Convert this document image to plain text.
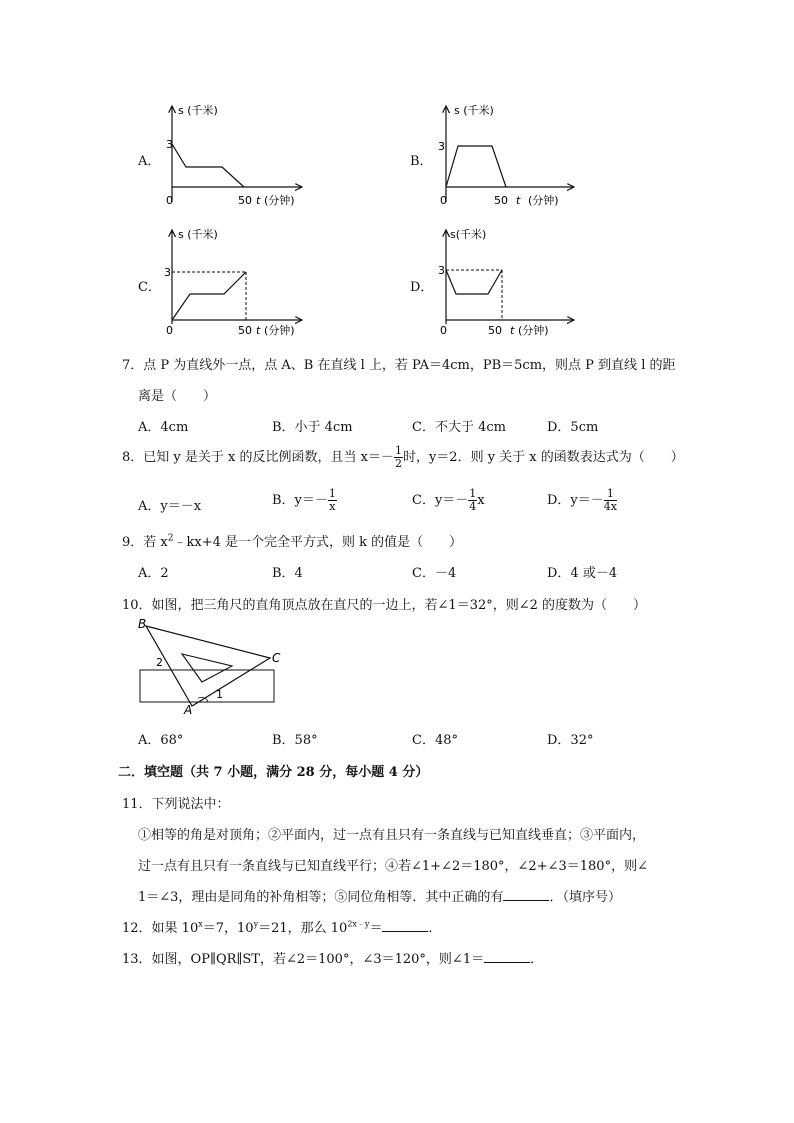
A．
3
0	50 t (分钟)
s (千米)
B．
3
0	50 t (分钟)
s (千米)
C．
3
0	50 t (分钟)
s (千米)
D．
3
0	50 t (分钟)
s(千米)
7．点 P 为直线外一点，点 A、B 在直线 l 上，若 PA＝4cm，PB＝5cm，则点 P 到直线 l 的距
离是（　　）
A．4cm	B．小于 4cm	C．不大于 4cm	D．5cm
8．已知 y 是关于 x 的反比例函数，且当 $x=- \frac{1}{2}$ 时，y＝2．则 y 关于 x 的函数表达式为（　　）
A．y＝－x	B．$y=- \frac{1}{x}$	C．$y=- \frac{1}{4}$ x	D．$y=- \frac{1}{4x}$
9．若 $x^2﹣kx+4$ 是一个完全平方式，则 k 的值是（　　）
A．2	B．4	C．－4	D．4 或－4
10．如图，把三角尺的直角顶点放在直尺的一边上，若∠1＝32°，则∠2 的度数为（　　）
B
C
A
2
1
A．68°	B．58°	C．48°	D．32°
二．填空题（共 7 小题，满分 28 分，每小题 4 分）
11．下列说法中：
①相等的角是对顶角；②平面内，过一点有且只有一条直线与已知直线垂直；③平面内，
过一点有且只有一条直线与已知直线平行；④若∠1+∠2＝180°，∠2+∠3＝180°，则∠
1＝∠3，理由是同角的补角相等；⑤同位角相等．其中正确的有	．（填序号）
12．如果 $10^x=7$，$10^y=21$，那么 $10^{2x﹣y}=$	．
13．如图，OP∥QR∥ST，若∠2＝100°，∠3＝120°，则∠1＝	．
